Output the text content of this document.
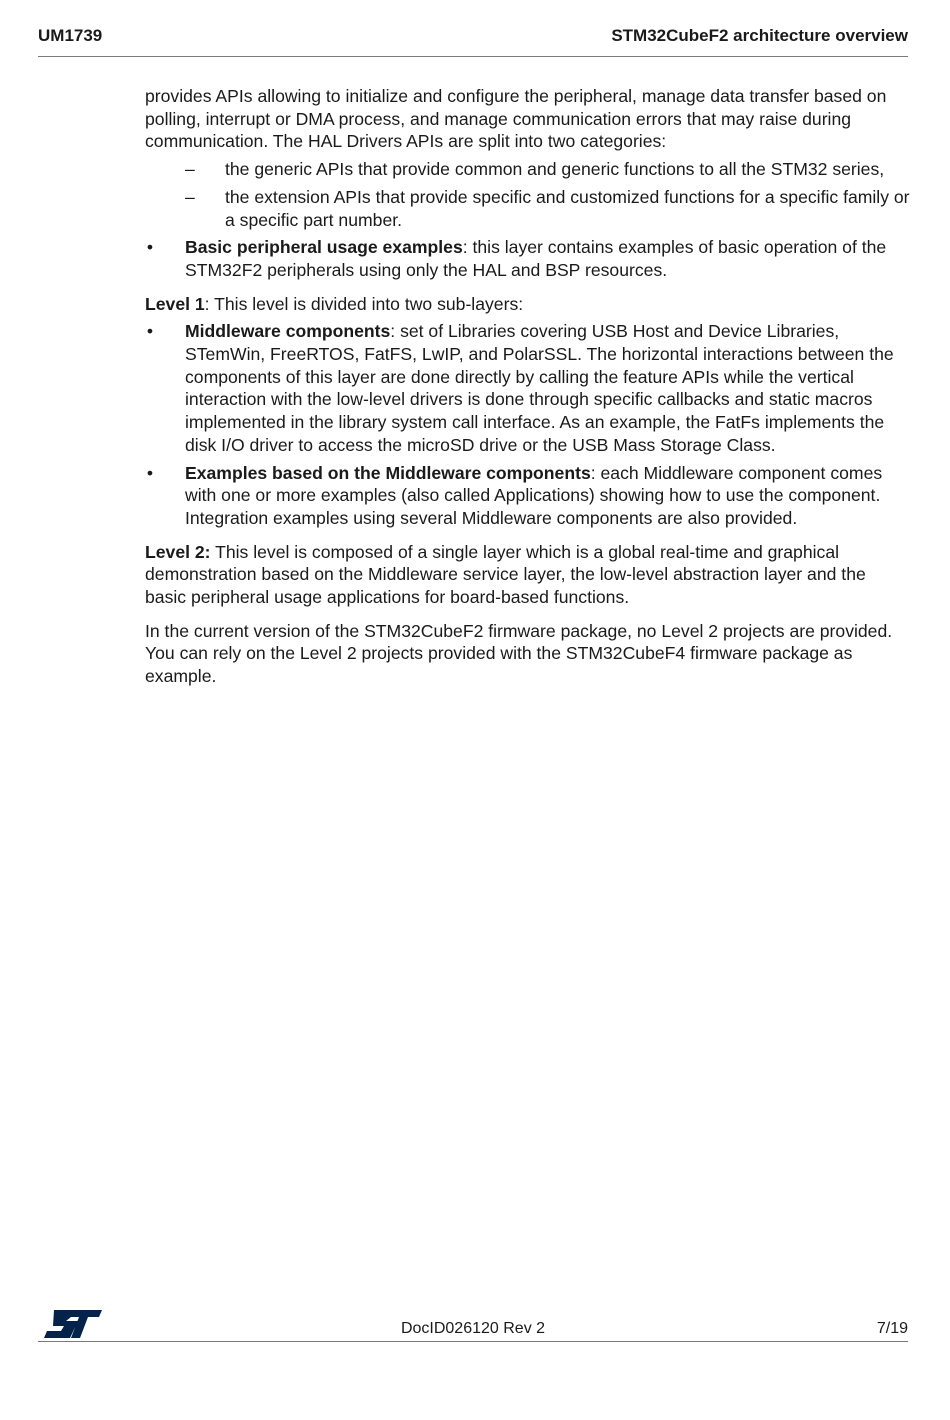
UM1739	STM32CubeF2 architecture overview

provides APIs allowing to initialize and configure the peripheral, manage data transfer based on polling, interrupt or DMA process, and manage communication errors that may raise during communication. The HAL Drivers APIs are split into two categories:

– the generic APIs that provide common and generic functions to all the STM32 series,
– the extension APIs that provide specific and customized functions for a specific family or a specific part number.
• Basic peripheral usage examples: this layer contains examples of basic operation of the STM32F2 peripherals using only the HAL and BSP resources.

Level 1: This level is divided into two sub-layers:

• Middleware components: set of Libraries covering USB Host and Device Libraries, STemWin, FreeRTOS, FatFS, LwIP, and PolarSSL. The horizontal interactions between the components of this layer are done directly by calling the feature APIs while the vertical interaction with the low-level drivers is done through specific callbacks and static macros implemented in the library system call interface. As an example, the FatFs implements the disk I/O driver to access the microSD drive or the USB Mass Storage Class.
• Examples based on the Middleware components: each Middleware component comes with one or more examples (also called Applications) showing how to use the component. Integration examples using several Middleware components are also provided.

Level 2: This level is composed of a single layer which is a global real-time and graphical demonstration based on the Middleware service layer, the low-level abstraction layer and the basic peripheral usage applications for board-based functions.

In the current version of the STM32CubeF2 firmware package, no Level 2 projects are provided. You can rely on the Level 2 projects provided with the STM32CubeF4 firmware package as example.

DocID026120 Rev 2	7/19
